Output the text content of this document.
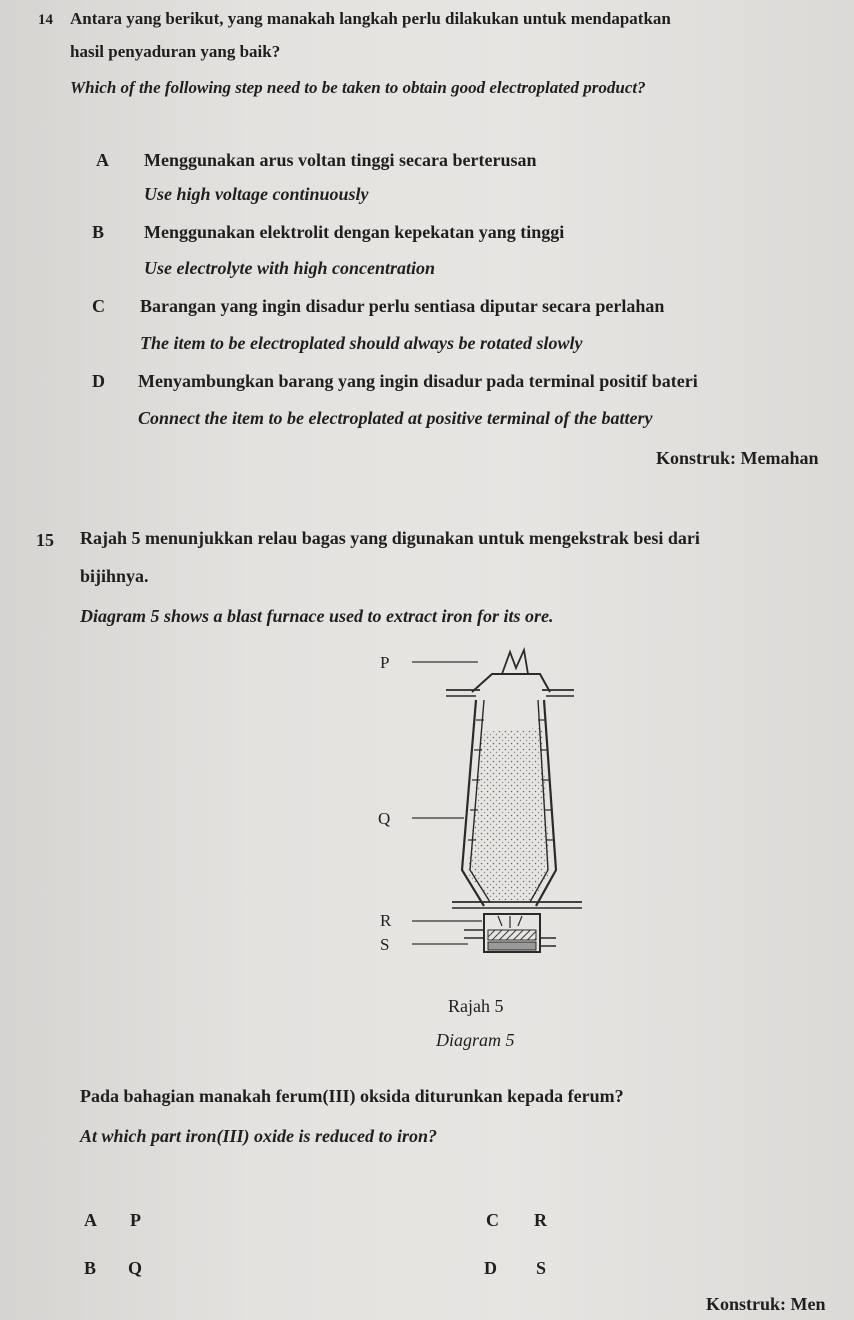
14 Antara yang berikut, yang manakah langkah perlu dilakukan untuk mendapatkan
hasil penyaduran yang baik?
Which of the following step need to be taken to obtain good electroplated product?
A Menggunakan arus voltan tinggi secara berterusan
Use high voltage continuously
B Menggunakan elektrolit dengan kepekatan yang tinggi
Use electrolyte with high concentration
C Barangan yang ingin disadur perlu sentiasa diputar secara perlahan
The item to be electroplated should always be rotated slowly
D Menyambungkan barang yang ingin disadur pada terminal positif bateri
Connect the item to be electroplated at positive terminal of the battery
Konstruk: Memahan
15 Rajah 5 menunjukkan relau bagas yang digunakan untuk mengekstrak besi dari
bijihnya.
Diagram 5 shows a blast furnace used to extract iron for its ore.
P
Q
R
S
Rajah 5
Diagram 5
Pada bahagian manakah ferum(III) oksida diturunkan kepada ferum?
At which part iron(III) oxide is reduced to iron?
A P
B Q
C R
D S
Konstruk: Men
